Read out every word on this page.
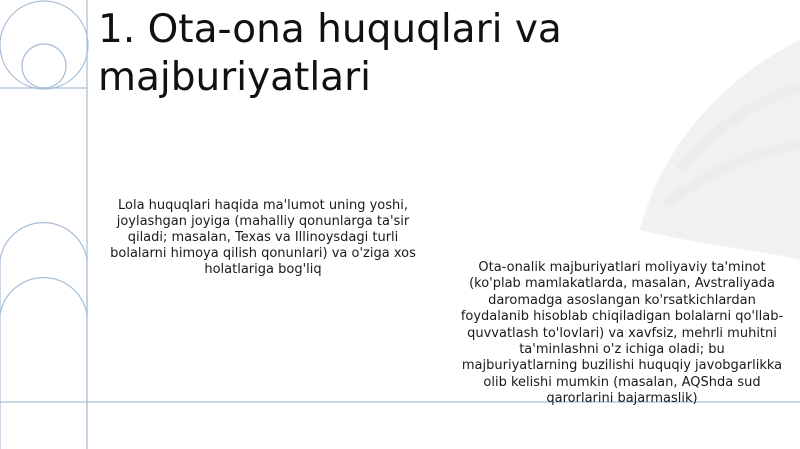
1. Ota-ona huquqlari va majburiyatlari
Lola huquqlari haqida ma'lumot uning yoshi, joylashgan joyiga (mahalliy qonunlarga ta'sir qiladi; masalan, Texas va Illinoysdagi turli bolalarni himoya qilish qonunlari) va o'ziga xos holatlariga bog'liq	Ota-onalik majburiyatlari moliyaviy ta'minot (ko'plab mamlakatlarda, masalan, Avstraliyada daromadga asoslangan ko'rsatkichlardan foydalanib hisoblab chiqiladigan bolalarni qo'llab-quvvatlash to'lovlari) va xavfsiz, mehrli muhitni ta'minlashni o'z ichiga oladi; bu majburiyatlarning buzilishi huquqiy javobgarlikka olib kelishi mumkin (masalan, AQShda sud qarorlarini bajarmaslik)
